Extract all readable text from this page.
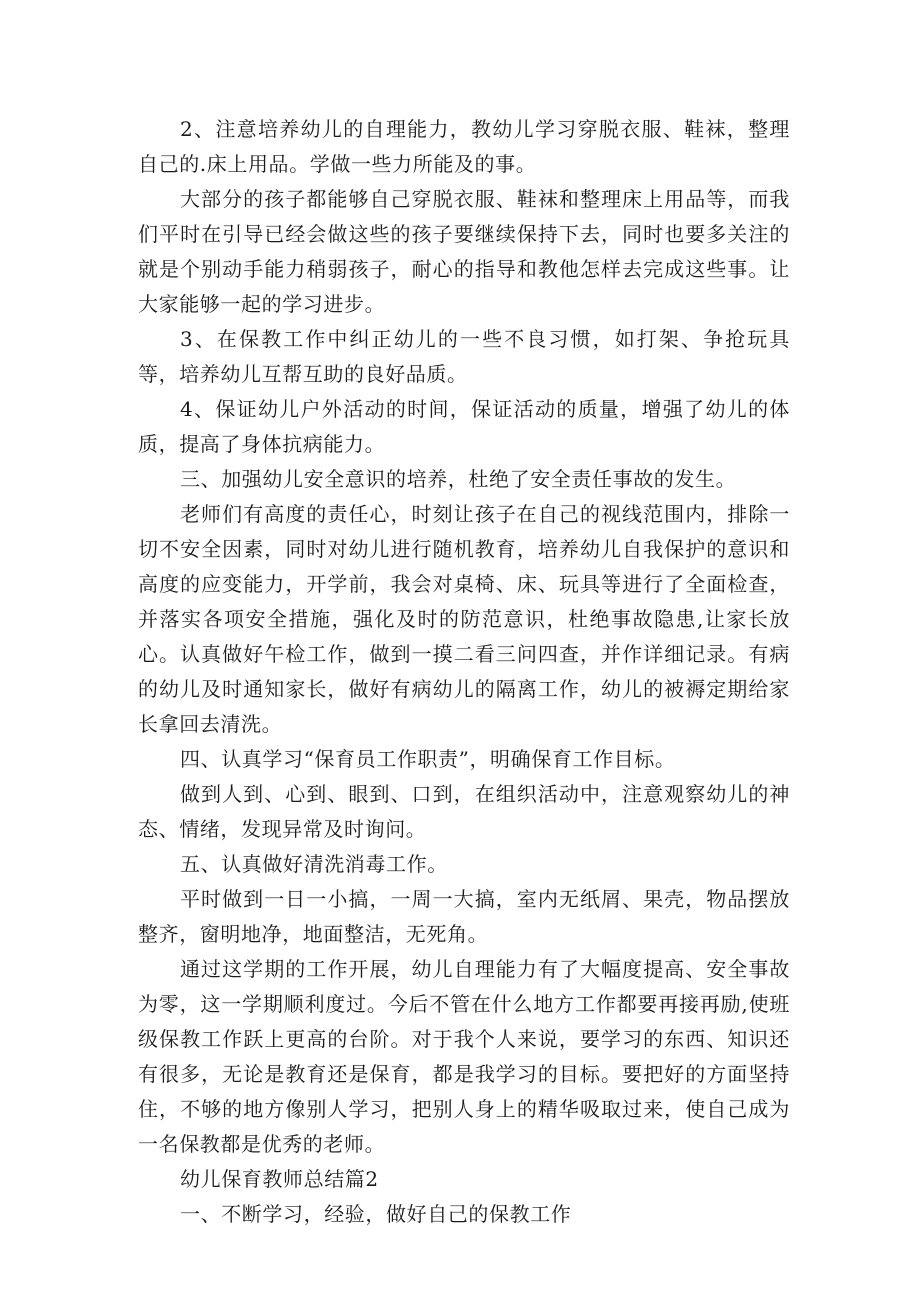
2、注意培养幼儿的自理能力，教幼儿学习穿脱衣服、鞋袜，整理自己的.床上用品。学做一些力所能及的事。

大部分的孩子都能够自己穿脱衣服、鞋袜和整理床上用品等，而我们平时在引导已经会做这些的孩子要继续保持下去，同时也要多关注的就是个别动手能力稍弱孩子，耐心的指导和教他怎样去完成这些事。让大家能够一起的学习进步。

3、在保教工作中纠正幼儿的一些不良习惯，如打架、争抢玩具等，培养幼儿互帮互助的良好品质。

4、保证幼儿户外活动的时间，保证活动的质量，增强了幼儿的体质，提高了身体抗病能力。

三、加强幼儿安全意识的培养，杜绝了安全责任事故的发生。

老师们有高度的责任心，时刻让孩子在自己的视线范围内，排除一切不安全因素，同时对幼儿进行随机教育，培养幼儿自我保护的意识和高度的应变能力，开学前，我会对桌椅、床、玩具等进行了全面检查，并落实各项安全措施，强化及时的防范意识，杜绝事故隐患,让家长放心。认真做好午检工作，做到一摸二看三问四查，并作详细记录。有病的幼儿及时通知家长，做好有病幼儿的隔离工作，幼儿的被褥定期给家长拿回去清洗。

四、认真学习“保育员工作职责”，明确保育工作目标。

做到人到、心到、眼到、口到，在组织活动中，注意观察幼儿的神态、情绪，发现异常及时询问。

五、认真做好清洗消毒工作。

平时做到一日一小搞，一周一大搞，室内无纸屑、果壳，物品摆放整齐，窗明地净，地面整洁，无死角。

通过这学期的工作开展，幼儿自理能力有了大幅度提高、安全事故为零，这一学期顺利度过。今后不管在什么地方工作都要再接再励,使班级保教工作跃上更高的台阶。对于我个人来说，要学习的东西、知识还有很多，无论是教育还是保育，都是我学习的目标。要把好的方面坚持住，不够的地方像别人学习，把别人身上的精华吸取过来，使自己成为一名保教都是优秀的老师。

幼儿保育教师总结篇2

一、不断学习，经验，做好自己的保教工作
